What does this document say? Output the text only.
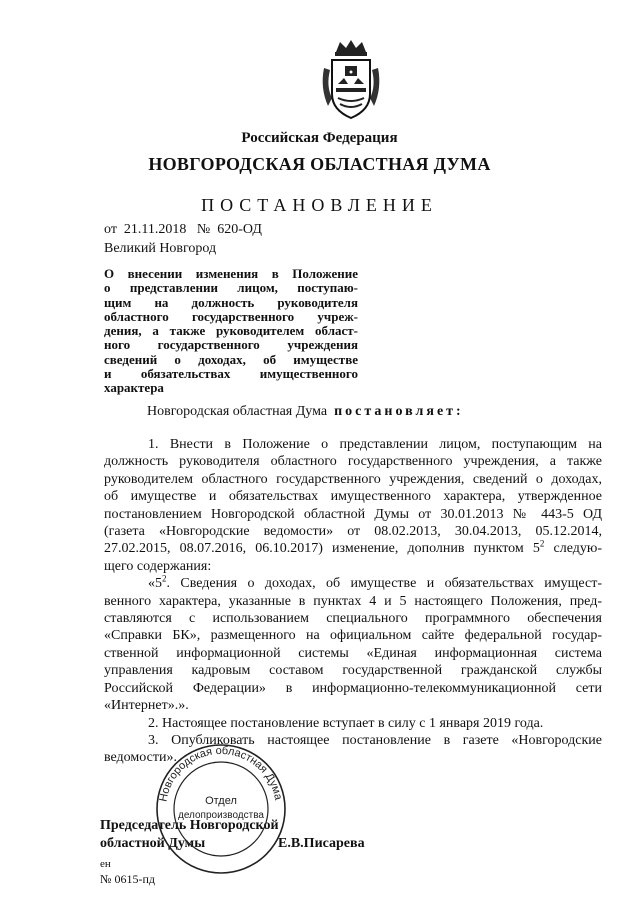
Российская Федерация
НОВГОРОДСКАЯ ОБЛАСТНАЯ ДУМА
ПОСТАНОВЛЕНИЕ
от  21.11.2018   №  620-ОД
Великий Новгород
О внесении изменения в Положение
о представлении лицом, поступаю-
щим на должность руководителя
областного государственного учреж-
дения, а также руководителем област-
ного государственного учреждения
сведений о доходах, об имуществе
и обязательствах имущественного
характера
Новгородская областная Дума постановляет:
1. Внести в Положение о представлении лицом, поступающим на
должность руководителя областного государственного учреждения, а также
руководителем областного государственного учреждения, сведений о доходах,
об имуществе и обязательствах имущественного характера, утвержденное
постановлением Новгородской областной Думы от 30.01.2013 № 443-5 ОД
(газета «Новгородские ведомости» от 08.02.2013, 30.04.2013, 05.12.2014,
27.02.2015, 08.07.2016, 06.10.2017) изменение, дополнив пунктом $5^2$ следую-
щего содержания:
«$5^2$. Сведения о доходах, об имуществе и обязательствах имущест-
венного характера, указанные в пунктах 4 и 5 настоящего Положения, пред-
ставляются с использованием специального программного обеспечения
«Справки БК», размещенного на официальном сайте федеральной государ-
ственной информационной системы «Единая информационная система
управления кадровым составом государственной гражданской службы
Российской Федерации» в информационно-телекоммуникационной сети
«Интернет».».
2. Настоящее постановление вступает в силу с 1 января 2019 года.
3. Опубликовать настоящее постановление в газете «Новгородские
ведомости».
Председатель Новгородской
областной Думы	Е.В.Писарева
ен
№ 0615-пд
Новгородская областная Дума
Отдел
делопроизводства
